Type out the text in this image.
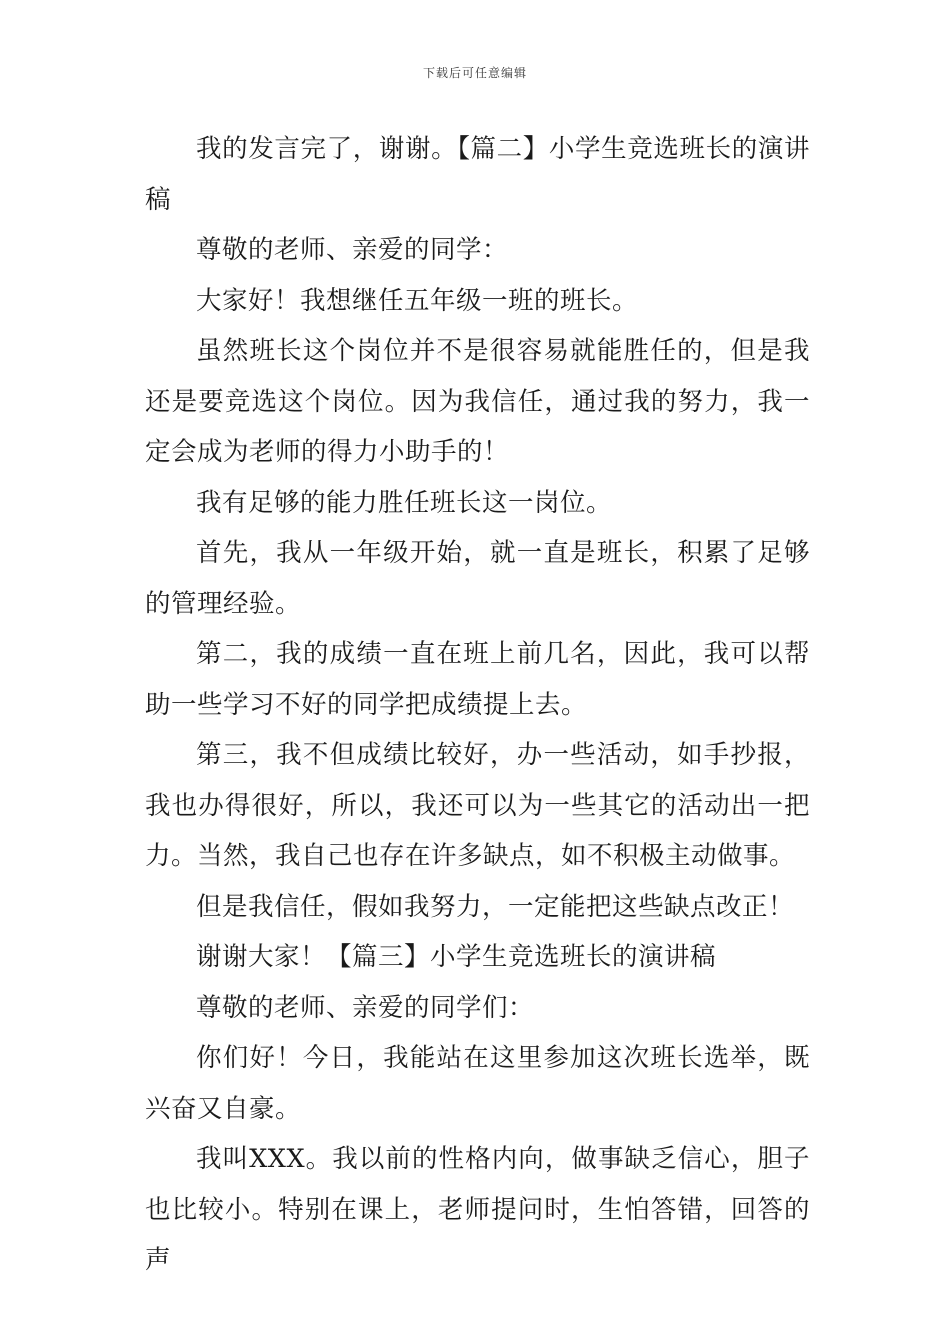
下载后可任意编辑

我的发言完了，谢谢。【篇二】小学生竞选班长的演讲稿

尊敬的老师、亲爱的同学：

大家好！我想继任五年级一班的班长。

虽然班长这个岗位并不是很容易就能胜任的，但是我还是要竞选这个岗位。因为我信任，通过我的努力，我一定会成为老师的得力小助手的！

我有足够的能力胜任班长这一岗位。

首先，我从一年级开始，就一直是班长，积累了足够的管理经验。

第二，我的成绩一直在班上前几名，因此，我可以帮助一些学习不好的同学把成绩提上去。

第三，我不但成绩比较好，办一些活动，如手抄报，我也办得很好，所以，我还可以为一些其它的活动出一把力。当然，我自己也存在许多缺点，如不积极主动做事。

但是我信任，假如我努力，一定能把这些缺点改正！

谢谢大家！【篇三】小学生竞选班长的演讲稿

尊敬的老师、亲爱的同学们：

你们好！今日，我能站在这里参加这次班长选举，既兴奋又自豪。

我叫XXX。我以前的性格内向，做事缺乏信心，胆子也比较小。特别在课上，老师提问时，生怕答错，回答的声
